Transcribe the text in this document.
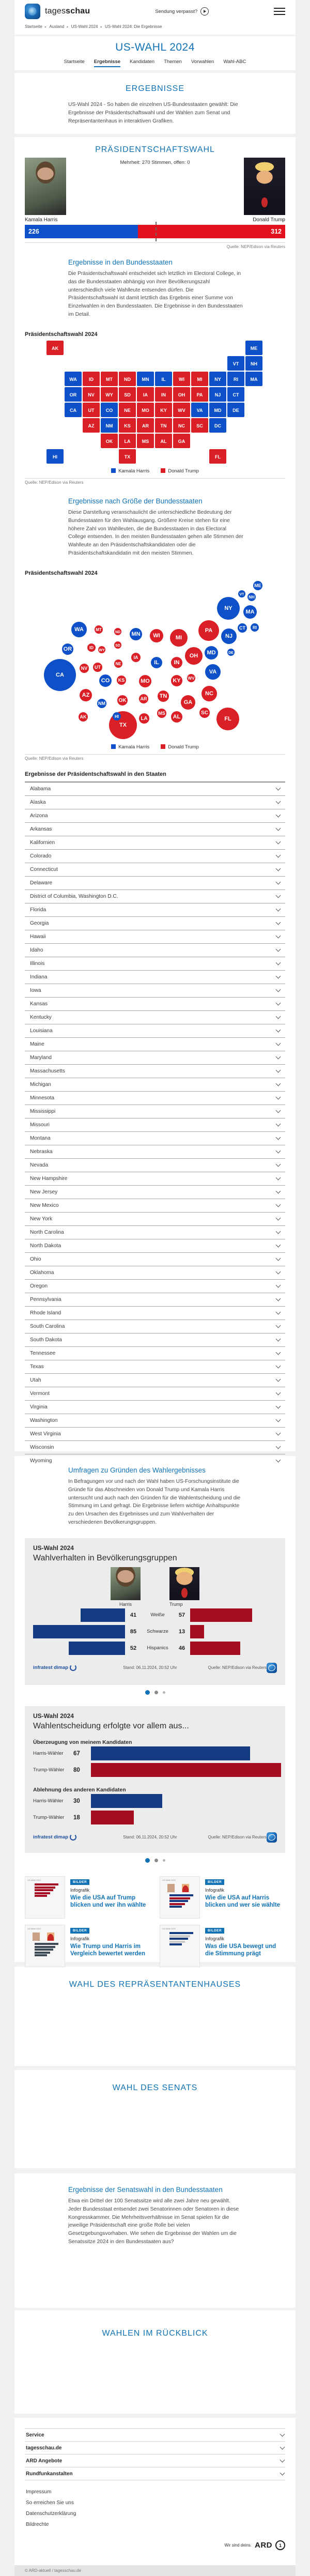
tagesschau	Sendung verpasst?
Startseite ▸ Ausland ▸ US-Wahl 2024 ▸ US-Wahl 2024: Die Ergebnisse
US-WAHL 2024
Startseite Ergebnisse Kandidaten Themen Vorwahlen Wahl-ABC
ERGEBNISSE

US-Wahl 2024 - So haben die einzelnen US-Bundesstaaten gewählt: Die Ergebnisse der Präsidentschaftswahl und der Wahlen zum Senat und Repräsentantenhaus in interaktiven Grafiken.

PRÄSIDENTSCHAFTSWAHL
Mehrheit: 270 Stimmen, offen: 0
Kamala Harris	Donald Trump
226	312
Quelle: NEP/Edison via Reuters
Ergebnisse in den Bundesstaaten

Die Präsidentschaftswahl entscheidet sich letztlich im Electoral College, in das die Bundesstaaten abhängig von ihrer Bevölkerungszahl unterschiedlich viele Wahlleute entsenden dürfen. Die Präsidentschaftswahl ist damit letztlich das Ergebnis einer Summe von Einzelwahlen in den Bundesstaaten. Die Ergebnisse in den Bundesstaaten im Detail.

Präsidentschaftswahl 2024
AK	ME
VT	NH
WA	ID	MT ND MN	IL	WI	MI	NY	RI	MA
OR NV WY SD	IA	IN	OH PA	NJ	CT
CA	UT CO NE MO KY WV VA MD DE
AZ NM KS AR	TN	NC SC DC
OK LA MS AL GA
HI	TX	FL
Kamala Harris	Donald Trump
Quelle: NEP/Edison via Reuters
Ergebnisse nach Größe der Bundesstaaten

Diese Darstellung veranschaulicht die unterschiedliche Bedeutung der Bundesstaaten für den Wahlausgang. Größere Kreise stehen für eine höhere Zahl von Wahlleuten, die die Bundesstaaten in das Electoral College entsenden. In den meisten Bundesstaaten gehen alle Stimmen der Wahlleute an den Präsidentschaftskandidaten oder die Präsidentschaftskandidatin mit den meisten Stimmen.

Präsidentschaftswahl 2024
ME
VT
NH
NY
MA
CT RI
WA	MT
ND MN WI	MI
PA
NJ
OR	ID
WY
SD
IA
NE	IL	IN
OH MD	DE
WV
VA
CA
NV UT
CO KS	MO	KY
NC
TN
AZ
NM	OK	AR
GA
SC
MS
AL
LA
TX
AK	HI	FL
Kamala Harris	Donald Trump
Quelle: NEP/Edison via Reuters
Ergebnisse der Präsidentschaftswahl in den Staaten
Alabama
Alaska
Arizona
Arkansas
Kalifornien
Colorado
Connecticut
Delaware
District of Columbia, Washington D.C.
Florida
Georgia
Hawaii
Idaho
Illinois
Indiana
Iowa
Kansas
Kentucky
Louisiana
Maine
Maryland
Massachusetts
Michigan
Minnesota
Mississippi
Missouri
Montana
Nebraska
Nevada
New Hampshire
New Jersey
New Mexico
New York
North Carolina
North Dakota
Ohio
Oklahoma
Oregon
Pennsylvania
Rhode Island
South Carolina
South Dakota
Tennessee
Texas
Utah
Vermont
Virginia
Washington
West Virginia
Wisconsin
Wyoming
Umfragen zu Gründen des Wahlergebnisses

In Befragungen vor und nach der Wahl haben US-Forschungsinstitute die Gründe für das Abschneiden von Donald Trump und Kamala Harris untersucht und auch nach den Gründen für die Wahlentscheidung und die Stimmung im Land gefragt. Die Ergebnisse liefern wichtige Anhaltspunkte zu den Ursachen des Ergebnisses und zum Wahlverhalten der verschiedenen Bevölkerungsgruppen.

US-Wahl 2024
Wahlverhalten in Bevölkerungsgruppen
Harris	Trump
41	Weiße	57
85	Schwarze	13
52	Hispanics	46
infratest dimap	Stand: 06.11.2024, 20:52 Uhr	Quelle: NEP/Edison via Reuters
US-Wahl 2024
Wahlentscheidung erfolgte vor allem aus...
Überzeugung von meinem Kandidaten
Harris-Wähler	67
Trump-Wähler	80
Ablehnung des anderen Kandidaten
Harris-Wähler	30
Trump-Wähler	18
infratest dimap	Stand: 06.11.2024, 20:52 Uhr	Quelle: NEP/Edison via Reuters
US-Wahl 2024
BILDER
Infografik
Wie die USA auf Trump blicken und wer ihn wählte
US-Wahl 2024
BILDER
Infografik
Wie die USA auf Harris blicken und wer sie wählte
US-Wahl 2024
BILDER
Infografik
Wie Trump und Harris im Vergleich bewertet werden
US-Wahl 2024
BILDER
Infografik
Was die USA bewegt und die Stimmung prägt
WAHL DES REPRÄSENTANTENHAUSES
WAHL DES SENATS
Ergebnisse der Senatswahl in den Bundesstaaten

Etwa ein Drittel der 100 Senatssitze wird alle zwei Jahre neu gewählt. Jeder Bundesstaat entsendet zwei Senatorinnen oder Senatoren in diese Kongresskammer. Die Mehrheitsverhältnisse im Senat spielen für die jeweilige Präsidentschaft eine große Rolle bei vielen Gesetzgebungsvorhaben. Wie sehen die Ergebnisse der Wahlen um die Senatssitze 2024 in den Bundesstaaten aus?

WAHLEN IM RÜCKBLICK
Service
tagesschau.de
ARD Angebote
Rundfunkanstalten
Impressum
So erreichen Sie uns
Datenschutzerklärung
Bildrechte
Wir sind deins. ARD	1
© ARD-aktuell / tagesschau.de
